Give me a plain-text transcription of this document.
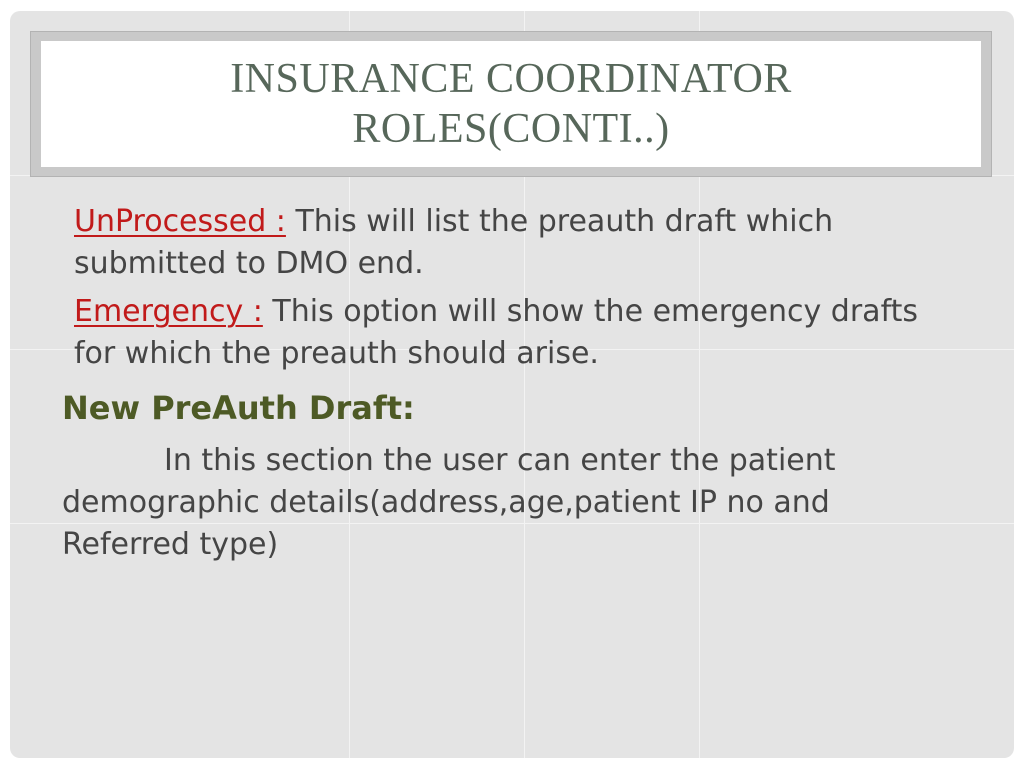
INSURANCE COORDINATOR
ROLES(CONTI..)
UnProcessed : This will list the preauth draft which submitted to DMO end.
Emergency : This option will show the emergency drafts for which the preauth should arise.
New PreAuth Draft:
In this section the user can enter the patient demographic details(address,age,patient IP no and Referred type)
